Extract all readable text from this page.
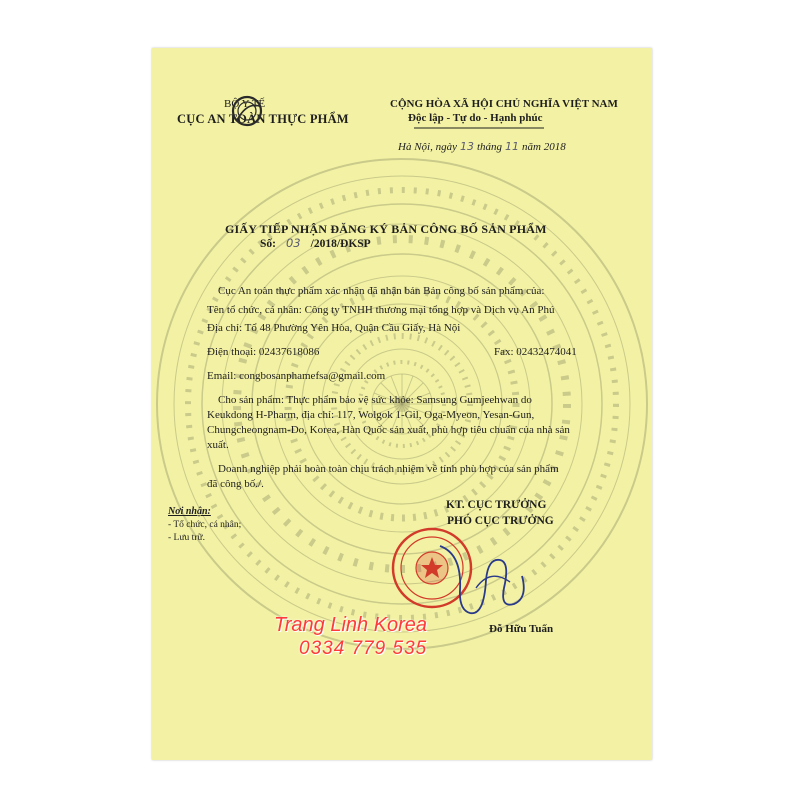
BỘ Y TẾ
CỤC AN TOÀN THỰC PHẨM
CỘNG HÒA XÃ HỘI CHỦ NGHĨA VIỆT NAM
Độc lập - Tự do - Hạnh phúc
Hà Nội, ngày 13 tháng 11 năm 2018
GIẤY TIẾP NHẬN ĐĂNG KÝ BẢN CÔNG BỐ SẢN PHẨM
Số: 03 /2018/ĐKSP
Cục An toàn thực phẩm xác nhận đã nhận bản Bản công bố sản phẩm của:
Tên tổ chức, cá nhân: Công ty TNHH thương mại tổng hợp và Dịch vụ An Phú
Địa chỉ: Tổ 48 Phường Yên Hòa, Quận Cầu Giấy, Hà Nội
Điện thoại: 02437618086	Fax: 02432474041
Email: congbosanphamefsa@gmail.com
Cho sản phẩm: Thực phẩm bảo vệ sức khỏe: Samsung Gumjeehwan do
Keukdong H-Pharm, địa chỉ: 117, Wolgok 1-Gil, Oga-Myeon, Yesan-Gun,
Chungcheongnam-Do, Korea, Hàn Quốc sản xuất, phù hợp tiêu chuẩn của nhà sản
xuất.
Doanh nghiệp phải hoàn toàn chịu trách nhiệm về tính phù hợp của sản phẩm
đã công bố./.
Nơi nhận:
- Tổ chức, cá nhân;
- Lưu trữ.
KT. CỤC TRƯỞNG
PHÓ CỤC TRƯỞNG
Đỗ Hữu Tuấn
Trang Linh Korea
0334 779 535
